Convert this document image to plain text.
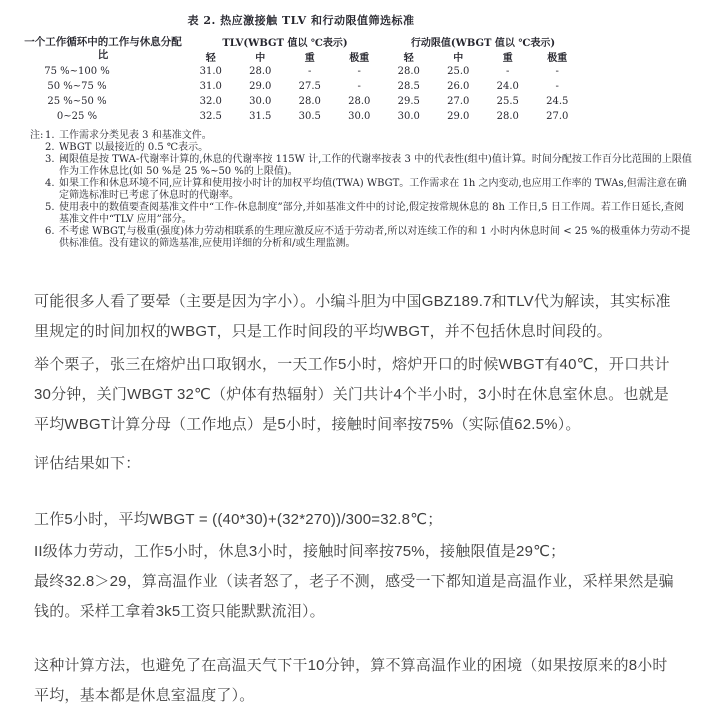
表 2. 热应激接触 TLV 和行动限值筛选标准
一个工作循环中的工作与休息分配比	TLV(WBGT 值以 ℃表示)				行动限值(WBGT 值以 ℃表示)			
	轻	中	重	极重	轻	中	重	极重
75 %~100 %	31.0	28.0	-	-	28.0	25.0	-	-
50 %~75 %	31.0	29.0	27.5	-	28.5	26.0	24.0	-
25 %~50 %	32.0	30.0	28.0	28.0	29.5	27.0	25.5	24.5
0~25 %	32.5	31.5	30.5	30.0	30.0	29.0	28.0	27.0
注: 1. 工作需求分类见表 3 和基准文件。
2. WBGT 以最接近的 0.5 ℃表示。
3. 阈限值是按 TWA-代谢率计算的,休息的代谢率按 115W 计,工作的代谢率按表 3 中的代表性(组中)值计算。时间分配按工作百分比范围的上限值作为工作休息比(如 50 %是 25 %~50 %的上限值)。
4. 如果工作和休息环境不同,应计算和使用按小时计的加权平均值(TWA) WBGT。工作需求在 1h 之内变动,也应用工作率的 TWAs,但需注意在确定筛选标准时已考虑了休息时的代谢率。
5. 使用表中的数值要查阅基准文件中“工作-休息制度”部分,并如基准文件中的讨论,假定按常规休息的 8h 工作日,5 日工作周。若工作日延长,查阅基准文件中“TLV 应用”部分。
6. 不考虑 WBGT,与极重(强度)体力劳动相联系的生理应激反应不适于劳动者,所以对连续工作的和 1 小时内休息时间 < 25 %的极重体力劳动不提供标准值。没有建议的筛选基准,应使用详细的分析和/或生理监测。

可能很多人看了要晕（主要是因为字小）。小编斗胆为中国GBZ189.7和TLV代为解读，其实标准里规定的时间加权的WBGT，只是工作时间段的平均WBGT，并不包括休息时间段的。

举个栗子，张三在熔炉出口取钢水，一天工作5小时，熔炉开口的时候WBGT有40℃，开口共计30分钟，关门WBGT 32℃（炉体有热辐射）关门共计4个半小时，3小时在休息室休息。也就是平均WBGT计算分母（工作地点）是5小时，接触时间率按75%（实际值62.5%）。

评估结果如下：

工作5小时，平均WBGT = ((40*30)+(32*270))/300=32.8℃；

II级体力劳动，工作5小时，休息3小时，接触时间率按75%，接触限值是29℃；

最终32.8＞29，算高温作业（读者怒了，老子不测，感受一下都知道是高温作业，采样果然是骗钱的。采样工拿着3k5工资只能默默流泪）。

这种计算方法，也避免了在高温天气下干10分钟，算不算高温作业的困境（如果按原来的8小时平均，基本都是休息室温度了）。
